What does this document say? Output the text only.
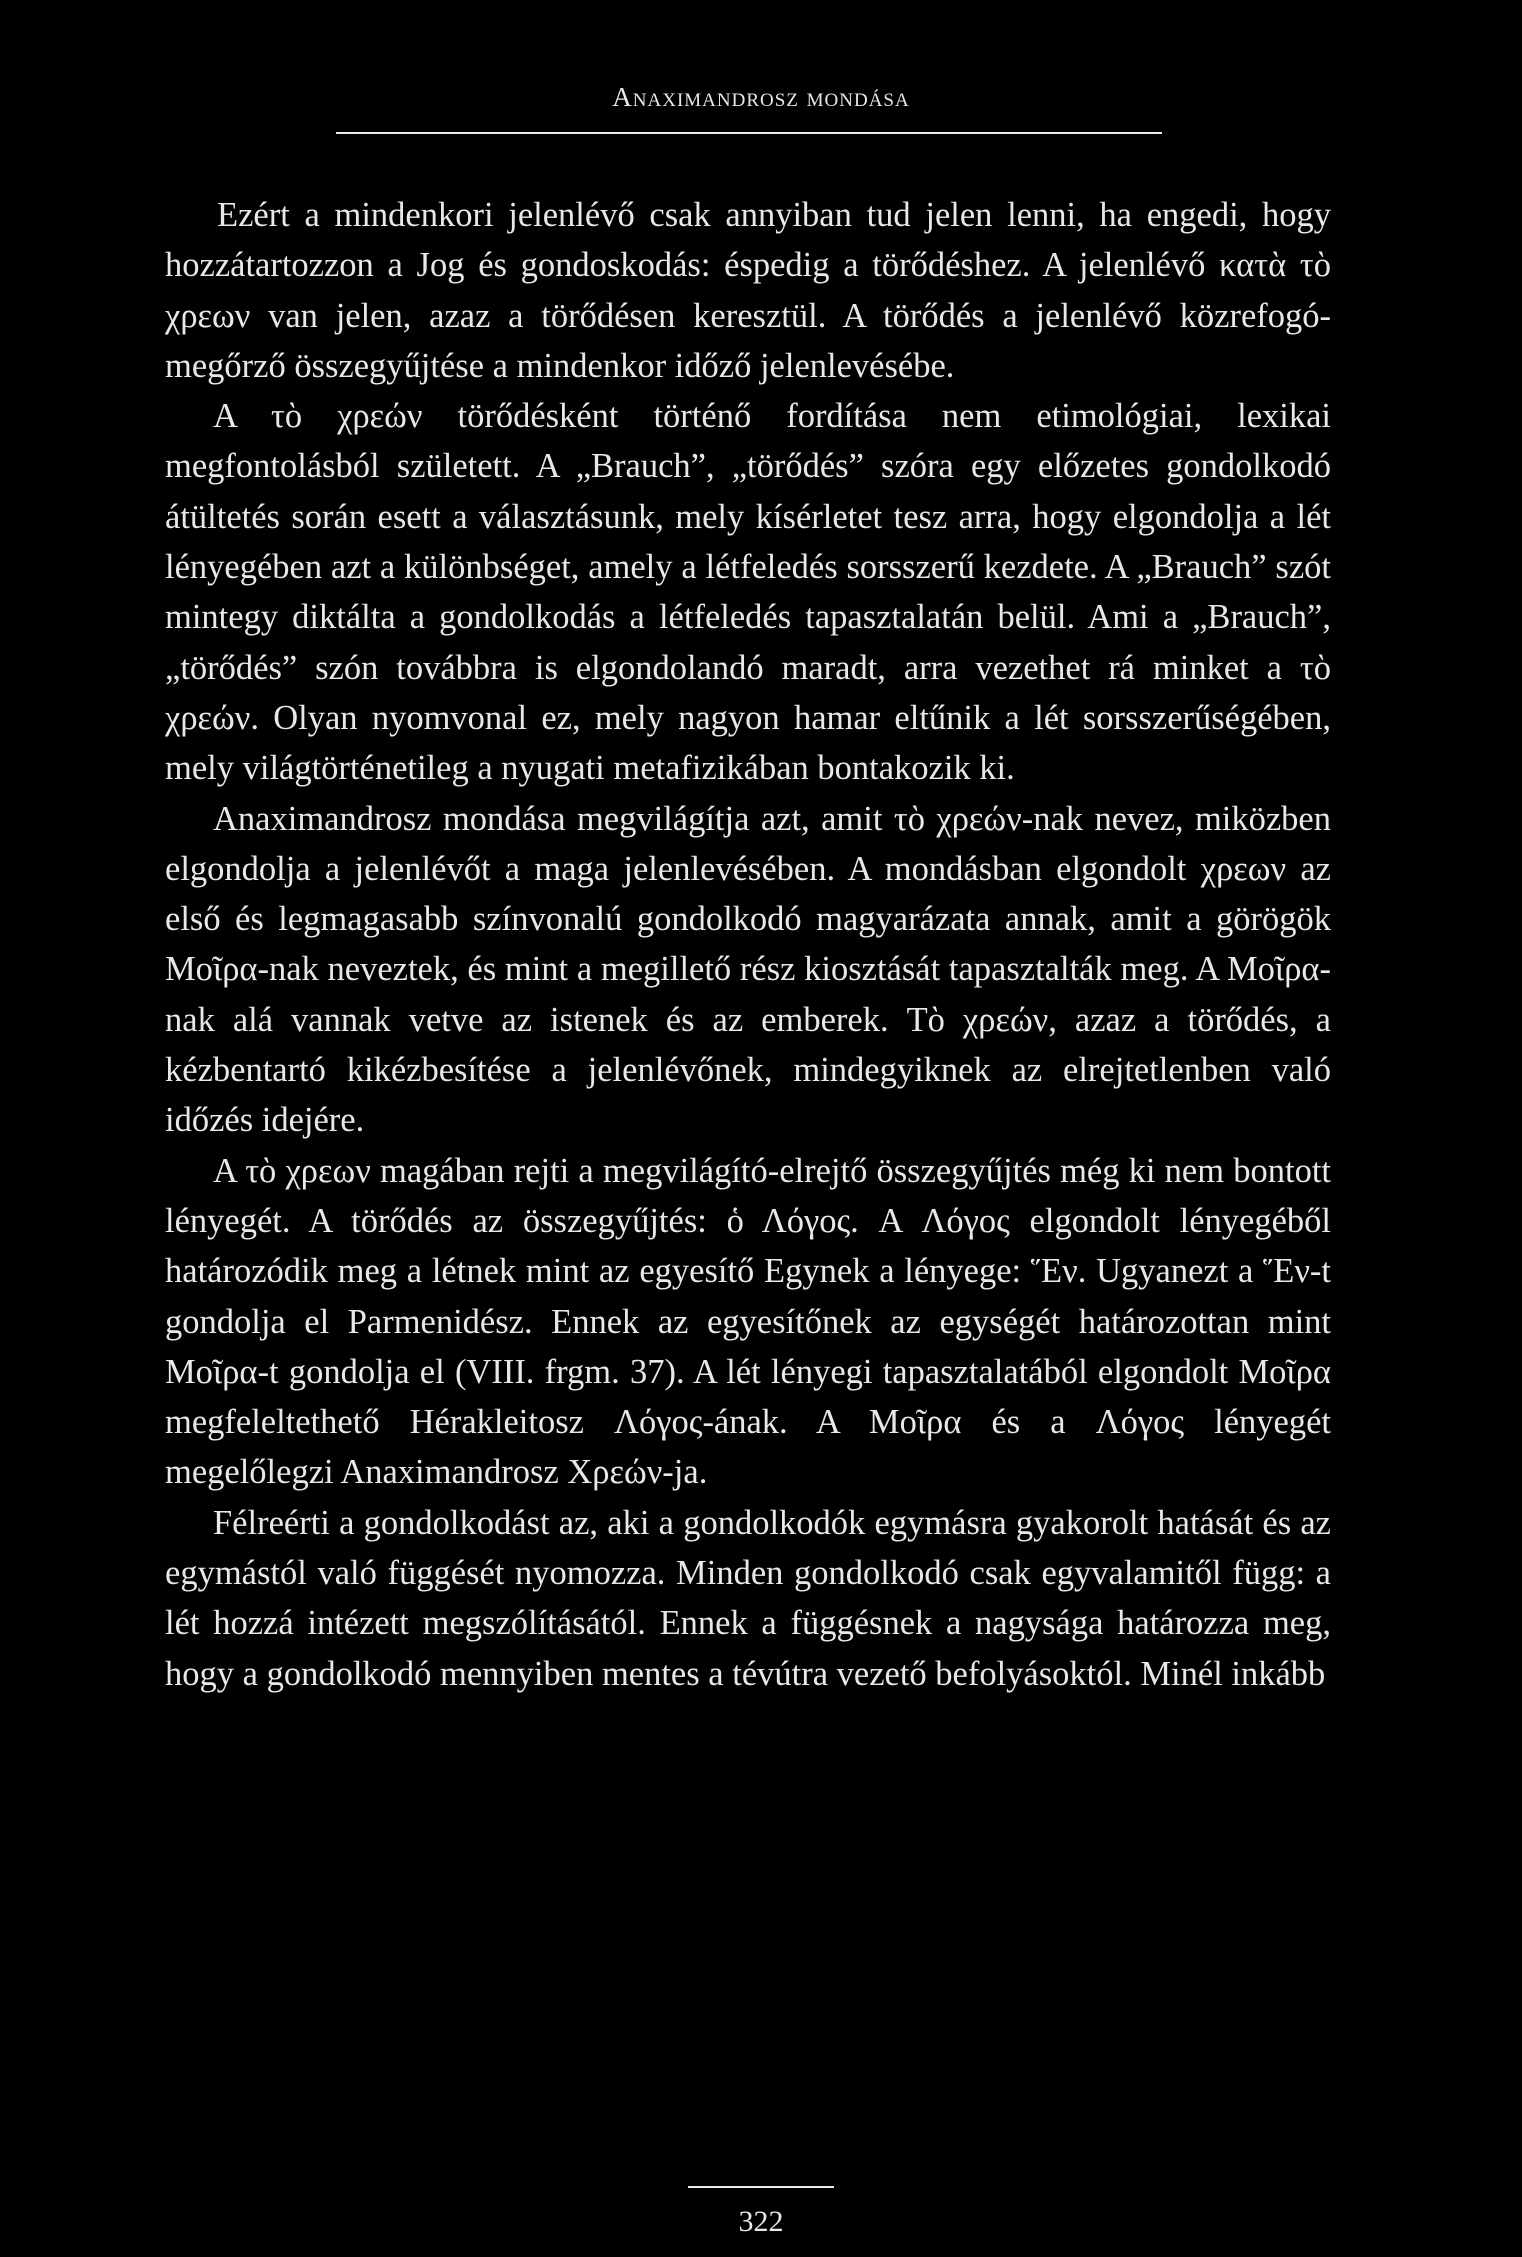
Anaximandrosz mondása

Ezért a mindenkori jelenlévő csak annyiban tud jelen lenni, ha engedi, hogy hozzátartozzon a Jog és gondoskodás: éspedig a törődéshez. A jelenlévő κατὰ τὸ χρεων van jelen, azaz a törődésen keresztül. A törődés a jelenlévő közrefogó-megőrző összegyűjtése a mindenkor időző jelenlevésébe.

A τὸ χρεών törődésként történő fordítása nem etimológiai, lexikai megfontolásból született. A „Brauch”, „törődés” szóra egy előzetes gondolkodó átültetés során esett a választásunk, mely kísérletet tesz arra, hogy elgondolja a lét lényegében azt a különbséget, amely a létfeledés sorsszerű kezdete. A „Brauch” szót mintegy diktálta a gondolkodás a létfeledés tapasztalatán belül. Ami a „Brauch”, „törődés” szón továbbra is elgondolandó maradt, arra vezethet rá minket a τὸ χρεών. Olyan nyomvonal ez, mely nagyon hamar eltűnik a lét sorsszerűségében, mely világtörténetileg a nyugati metafizikában bontakozik ki.

Anaximandrosz mondása megvilágítja azt, amit τὸ χρεών-nak nevez, miközben elgondolja a jelenlévőt a maga jelenlevésében. A mondásban elgondolt χρεων az első és legmagasabb színvonalú gondolkodó magyarázata annak, amit a görögök Μοῖρα-nak neveztek, és mint a megillető rész kiosztását tapasztalták meg. A Μοῖραnak alá vannak vetve az istenek és az emberek. Τὸ χρεών, azaz a törődés, a kézbentartó kikézbesítése a jelenlévőnek, mindegyiknek az elrejtetlenben való időzés idejére.

A τὸ χρεων magában rejti a megvilágító-elrejtő összegyűjtés még ki nem bontott lényegét. A törődés az összegyűjtés: ὁ Λόγος. A Λόγος elgondolt lényegéből határozódik meg a létnek mint az egyesítő Egynek a lényege: Ἕν. Ugyanezt a Ἕν-t gondolja el Parmenidész. Ennek az egyesítőnek az egységét határozottan mint Μοῖρα-t gondolja el (VIII. frgm. 37). A lét lényegi tapasztalatából elgondolt Μοῖρα megfeleltethető Hérakleitosz Λόγος-ának. A Μοῖρα és a Λόγος lényegét megelőlegzi Anaximandrosz Χρεών-ja.

Félreérti a gondolkodást az, aki a gondolkodók egymásra gyakorolt hatását és az egymástól való függését nyomozza. Minden gondolkodó csak egyvalamitől függ: a lét hozzá intézett megszólításától. Ennek a függésnek a nagysága határozza meg, hogy a gondolkodó mennyiben mentes a tévútra vezető befolyásoktól. Minél inkább

322
